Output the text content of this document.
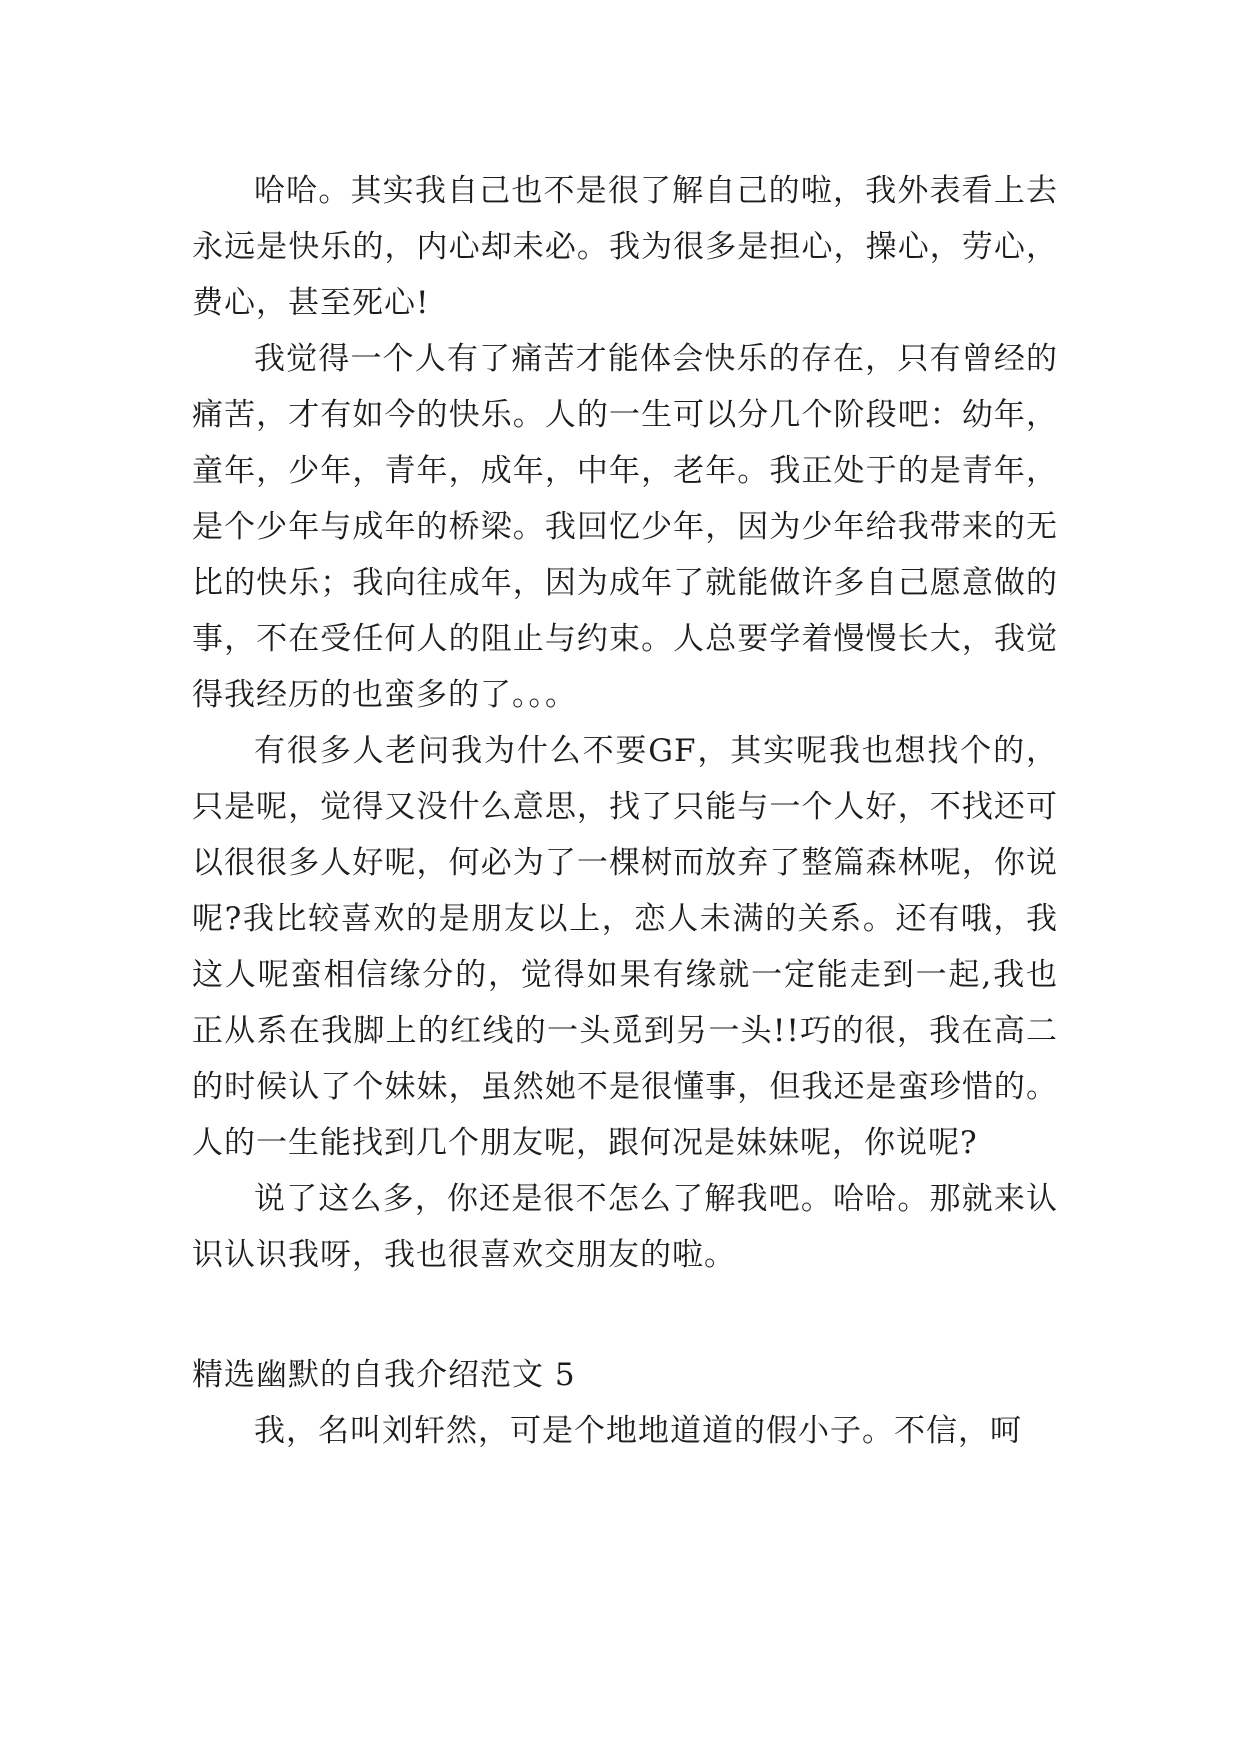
哈哈。其实我自己也不是很了解自己的啦，我外表看上去永远是快乐的，内心却未必。我为很多是担心，操心，劳心，费心，甚至死心!

我觉得一个人有了痛苦才能体会快乐的存在，只有曾经的痛苦，才有如今的快乐。人的一生可以分几个阶段吧：幼年，童年，少年，青年，成年，中年，老年。我正处于的是青年，是个少年与成年的桥梁。我回忆少年，因为少年给我带来的无比的快乐；我向往成年，因为成年了就能做许多自己愿意做的事，不在受任何人的阻止与约束。人总要学着慢慢长大，我觉得我经历的也蛮多的了。。。

有很多人老问我为什么不要GF，其实呢我也想找个的，只是呢，觉得又没什么意思，找了只能与一个人好，不找还可以很很多人好呢，何必为了一棵树而放弃了整篇森林呢，你说呢?我比较喜欢的是朋友以上，恋人未满的关系。还有哦，我这人呢蛮相信缘分的，觉得如果有缘就一定能走到一起,我也正从系在我脚上的红线的一头觅到另一头!!巧的很，我在高二的时候认了个妹妹，虽然她不是很懂事，但我还是蛮珍惜的。人的一生能找到几个朋友呢，跟何况是妹妹呢，你说呢?

说了这么多，你还是很不怎么了解我吧。哈哈。那就来认识认识我呀，我也很喜欢交朋友的啦。

精选幽默的自我介绍范文 5

我，名叫刘轩然，可是个地地道道的假小子。不信，呵
